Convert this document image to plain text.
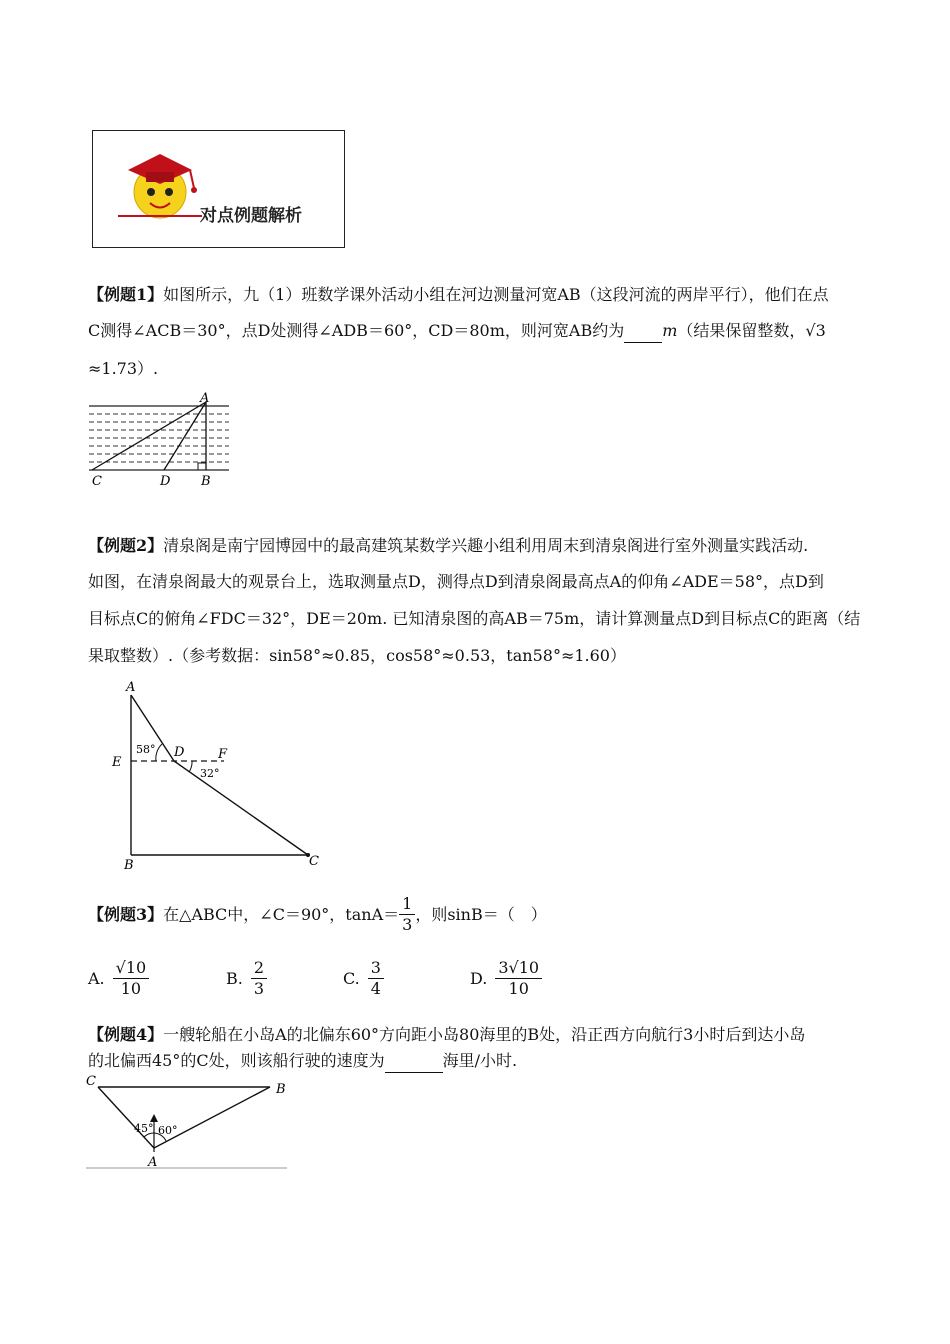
对点例题解析
【例题1】如图所示，九（1）班数学课外活动小组在河边测量河宽AB（这段河流的两岸平行），他们在点
C测得∠ACB＝30°，点D处测得∠ADB＝60°，CD＝80m，则河宽AB约为 m（结果保留整数，√3
≈1.73）.
A
C	D B
【例题2】清泉阁是南宁园博园中的最高建筑某数学兴趣小组利用周末到清泉阁进行室外测量实践活动.
如图，在清泉阁最大的观景台上，选取测量点D，测得点D到清泉阁最高点A的仰角∠ADE＝58°，点D到
目标点C的俯角∠FDC＝32°，DE＝20m. 已知清泉图的高AB＝75m，请计算测量点D到目标点C的距离（结
果取整数）.（参考数据：sin58°≈0.85，cos58°≈0.53，tan58°≈1.60）
A
E
D	F
58°
32°
B	C
【例题3】 在△ABC中，∠C＝90°，$\tan A= \frac{1}{3}$ ，则sinB＝（　）
A. $\frac{√10}{10}$	B. $\frac{2}{3}$	C. $\frac{3}{4}$	D. $\frac{3√10}{10}$
【例题4】一艘轮船在小岛A的北偏东60°方向距小岛80海里的B处，沿正西方向航行3小时后到达小岛
的北偏西45°的C处，则该船行驶的速度为	海里/小时.
C
B
A
45° 60°
